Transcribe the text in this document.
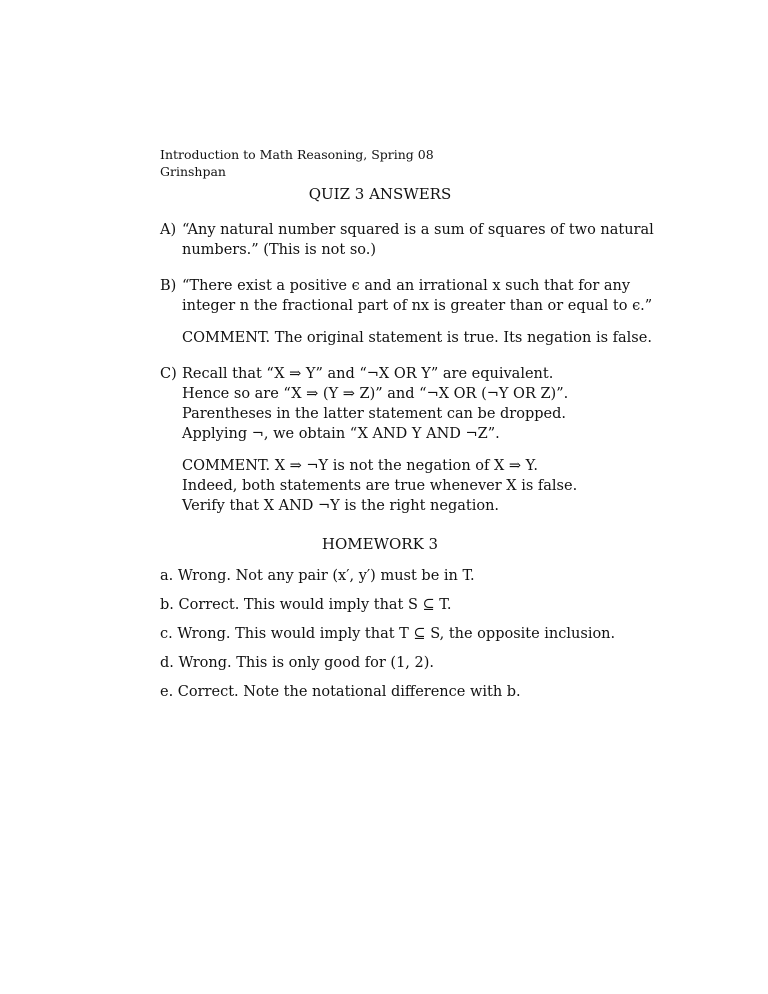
Introduction to Math Reasoning, Spring 08
Grinshpan
QUIZ 3 ANSWERS
A) “Any natural number squared is a sum of squares of two natural
numbers.” (This is not so.)
B) “There exist a positive ϵ and an irrational x such that for any
integer n the fractional part of nx is greater than or equal to ϵ.”
COMMENT. The original statement is true. Its negation is false.
C) Recall that “X ⇒ Y” and “¬X OR Y” are equivalent.
Hence so are “X ⇒ (Y ⇒ Z)” and “¬X OR (¬Y OR Z)”.
Parentheses in the latter statement can be dropped.
Applying ¬, we obtain “X AND Y AND ¬Z”.
COMMENT. X ⇒ ¬Y is not the negation of X ⇒ Y.
Indeed, both statements are true whenever X is false.
Verify that X AND ¬Y is the right negation.
HOMEWORK 3
a. Wrong. Not any pair (x′, y′) must be in T.
b. Correct. This would imply that S ⊆ T.
c. Wrong. This would imply that T ⊆ S, the opposite inclusion.
d. Wrong. This is only good for (1, 2).
e. Correct. Note the notational difference with b.
